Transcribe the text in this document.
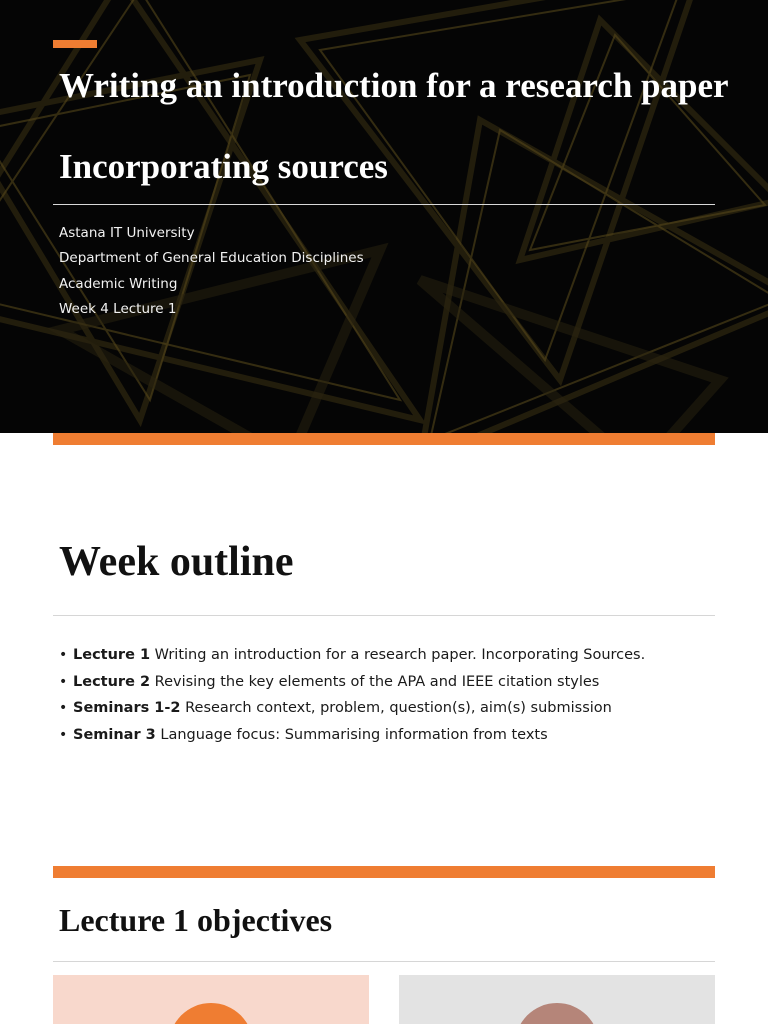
Writing an introduction for a research paper
Incorporating sources
Astana IT University
Department of General Education Disciplines
Academic Writing
Week 4 Lecture 1
Week outline
• Lecture 1 Writing an introduction for a research paper. Incorporating Sources.
• Lecture 2 Revising the key elements of the APA and IEEE citation styles
• Seminars 1-2 Research context, problem, question(s), aim(s) submission
• Seminar 3 Language focus: Summarising information from texts
Lecture 1 objectives
